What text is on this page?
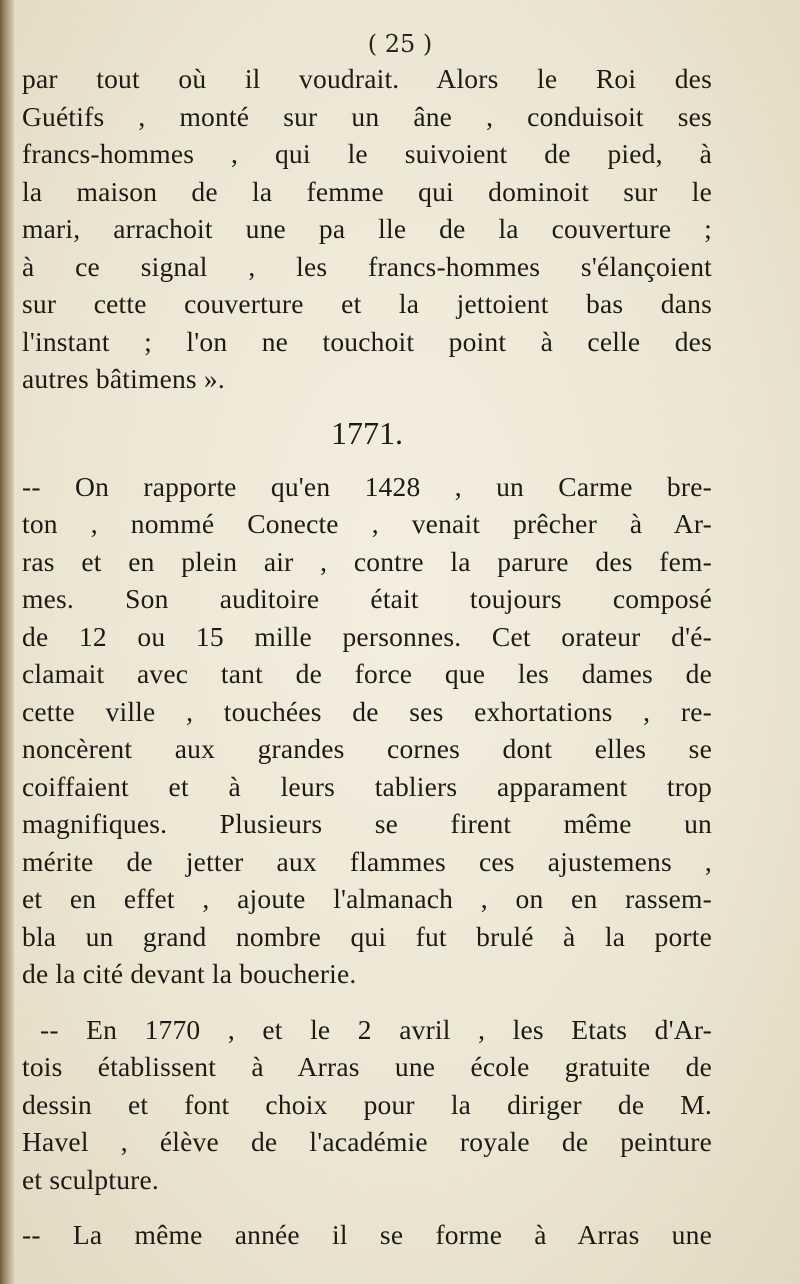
( 25 )
par tout où il voudrait. Alors le Roi des
Guétifs , monté sur un âne , conduisoit ses
francs-hommes , qui le suivoient de pied, à
la maison de la femme qui dominoit sur le
mari, arrachoit une pa lle de la couverture ;
à ce signal , les francs-hommes s'élançoient
sur cette couverture et la jettoient bas dans
l'instant ; l'on ne touchoit point à celle des
autres bâtimens ».
1771.
-- On rapporte qu'en 1428 , un Carme bre-
ton , nommé Conecte , venait prêcher à Ar-
ras et en plein air , contre la parure des fem-
mes. Son auditoire était toujours composé
de 12 ou 15 mille personnes. Cet orateur d'é-
clamait avec tant de force que les dames de
cette ville , touchées de ses exhortations , re-
noncèrent aux grandes cornes dont elles se
coiffaient et à leurs tabliers apparament trop
magnifiques. Plusieurs se firent même un
mérite de jetter aux flammes ces ajustemens ,
et en effet , ajoute l'almanach , on en rassem-
bla un grand nombre qui fut brulé à la porte
de la cité devant la boucherie.
-- En 1770 , et le 2 avril , les Etats d'Ar-
tois établissent à Arras une école gratuite de
dessin et font choix pour la diriger de M.
Havel , élève de l'académie royale de peinture
et sculpture.
-- La même année il se forme à Arras une
